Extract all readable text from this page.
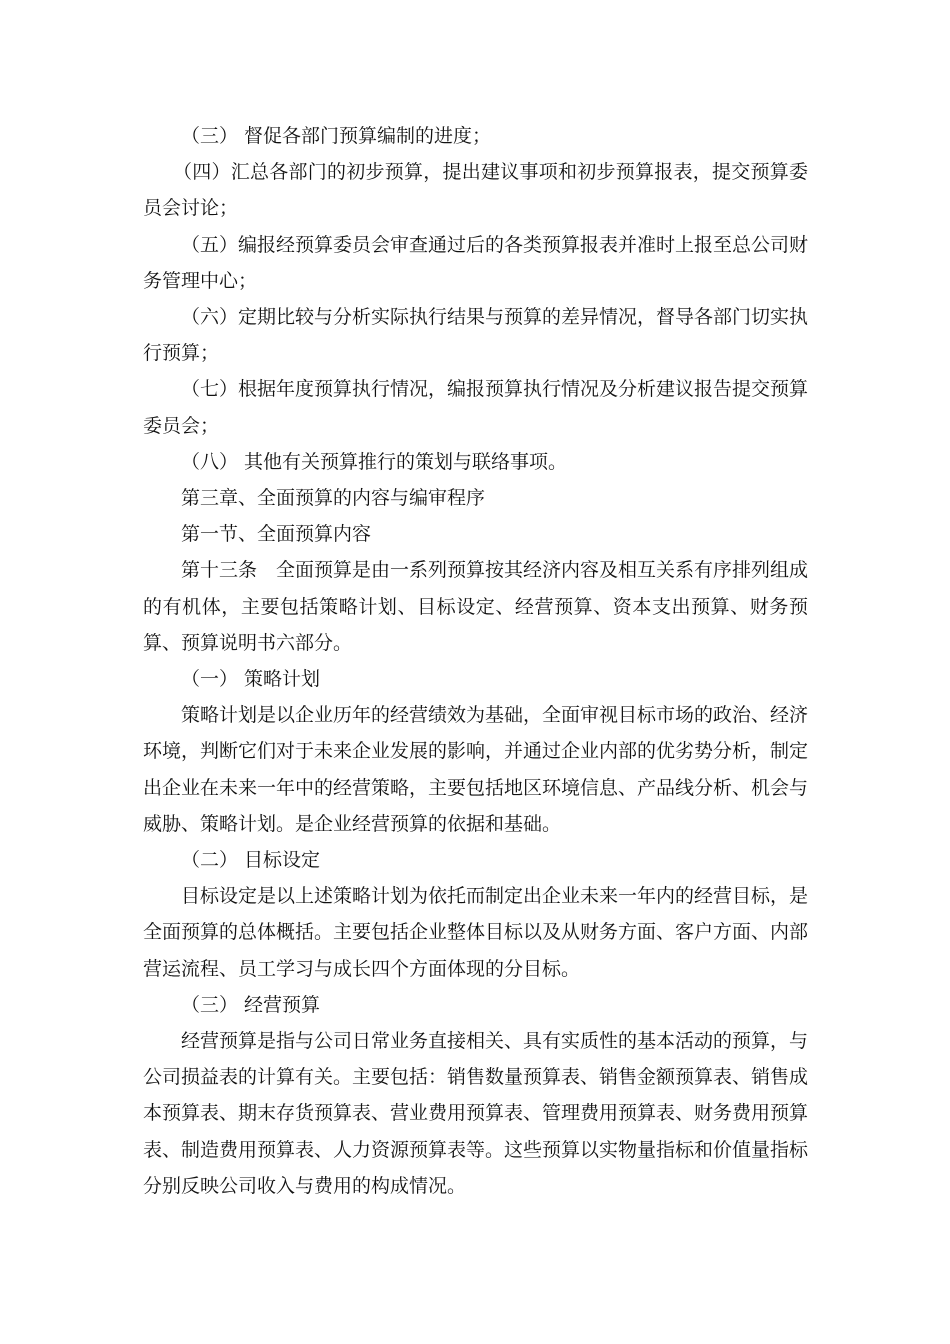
（三） 督促各部门预算编制的进度；

（四）汇总各部门的初步预算，提出建议事项和初步预算报表，提交预算委员会讨论；

（五）编报经预算委员会审查通过后的各类预算报表并准时上报至总公司财务管理中心；

（六）定期比较与分析实际执行结果与预算的差异情况，督导各部门切实执行预算；

（七）根据年度预算执行情况，编报预算执行情况及分析建议报告提交预算委员会；

（八） 其他有关预算推行的策划与联络事项。

第三章、全面预算的内容与编审程序

第一节、全面预算内容

第十三条　全面预算是由一系列预算按其经济内容及相互关系有序排列组成的有机体，主要包括策略计划、目标设定、经营预算、资本支出预算、财务预算、预算说明书六部分。

（一） 策略计划

策略计划是以企业历年的经营绩效为基础，全面审视目标市场的政治、经济环境，判断它们对于未来企业发展的影响，并通过企业内部的优劣势分析，制定出企业在未来一年中的经营策略，主要包括地区环境信息、产品线分析、机会与威胁、策略计划。是企业经营预算的依据和基础。

（二） 目标设定

目标设定是以上述策略计划为依托而制定出企业未来一年内的经营目标，是全面预算的总体概括。主要包括企业整体目标以及从财务方面、客户方面、内部营运流程、员工学习与成长四个方面体现的分目标。

（三） 经营预算

经营预算是指与公司日常业务直接相关、具有实质性的基本活动的预算，与公司损益表的计算有关。主要包括：销售数量预算表、销售金额预算表、销售成本预算表、期末存货预算表、营业费用预算表、管理费用预算表、财务费用预算表、制造费用预算表、人力资源预算表等。这些预算以实物量指标和价值量指标分别反映公司收入与费用的构成情况。
